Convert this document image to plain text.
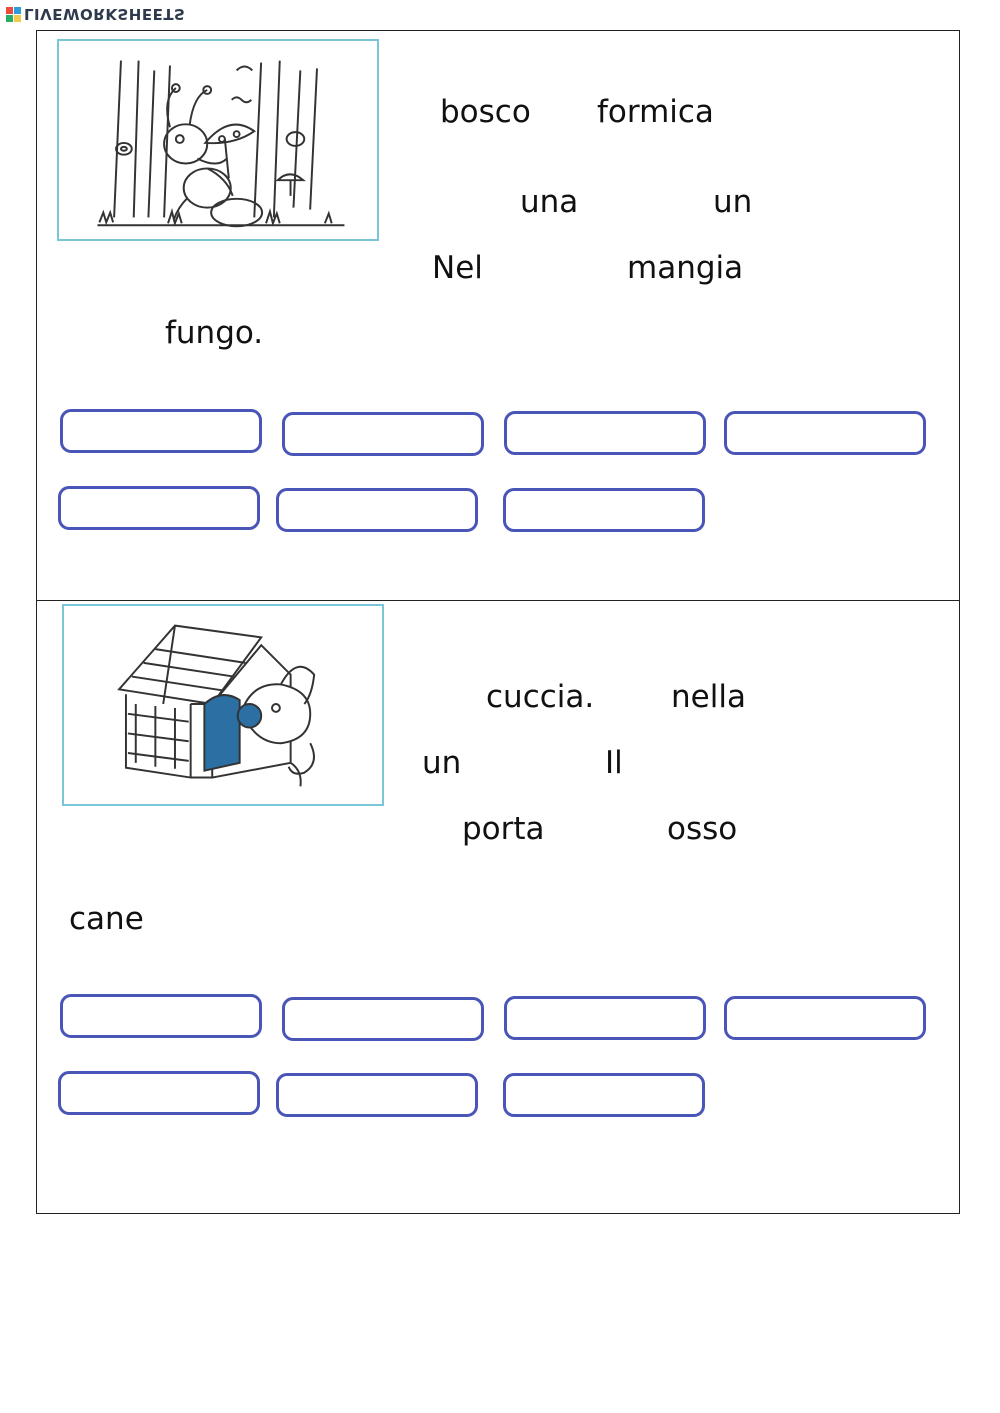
LIVEWORKSHEETS
bosco formica
una	un
Nel	mangia
fungo.
cuccia. nella
un	Il
porta	osso
cane
